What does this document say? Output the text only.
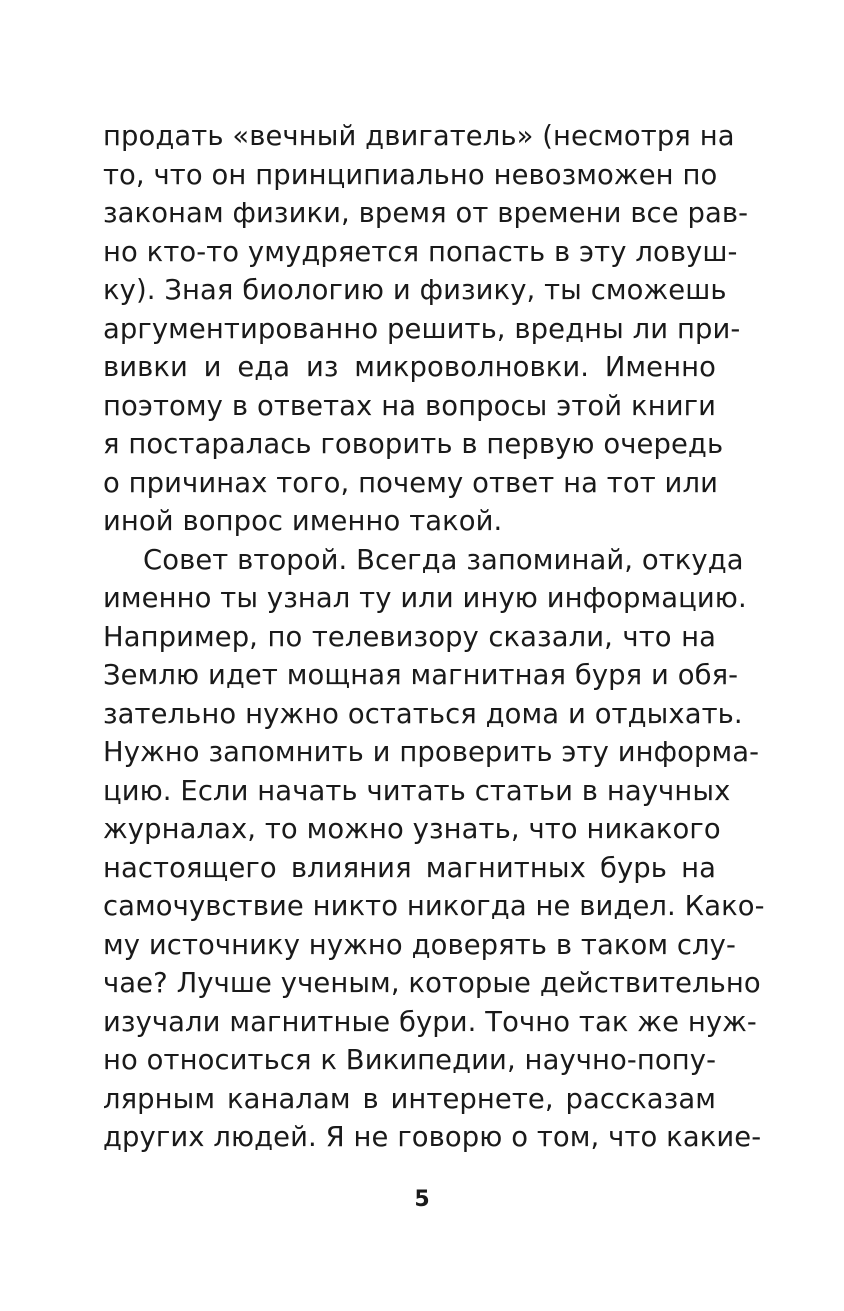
продать «вечный двигатель» (несмотря на
то, что он принципиально невозможен по
законам физики, время от времени все рав-
но кто-то умудряется попасть в эту ловуш-
ку). Зная биологию и физику, ты сможешь
аргументированно решить, вредны ли при-
вивки и еда из микроволновки. Именно
поэтому в ответах на вопросы этой книги
я постаралась говорить в первую очередь
о причинах того, почему ответ на тот или
иной вопрос именно такой.
Совет второй. Всегда запоминай, откуда
именно ты узнал ту или иную информацию.
Например, по телевизору сказали, что на
Землю идет мощная магнитная буря и обя-
зательно нужно остаться дома и отдыхать.
Нужно запомнить и проверить эту информа-
цию. Если начать читать статьи в научных
журналах, то можно узнать, что никакого
настоящего влияния магнитных бурь на
самочувствие никто никогда не видел. Како-
му источнику нужно доверять в таком слу-
чае? Лучше ученым, которые действительно
изучали магнитные бури. Точно так же нуж-
но относиться к Википедии, научно-попу-
лярным каналам в интернете, рассказам
других людей. Я не говорю о том, что какие-
5
